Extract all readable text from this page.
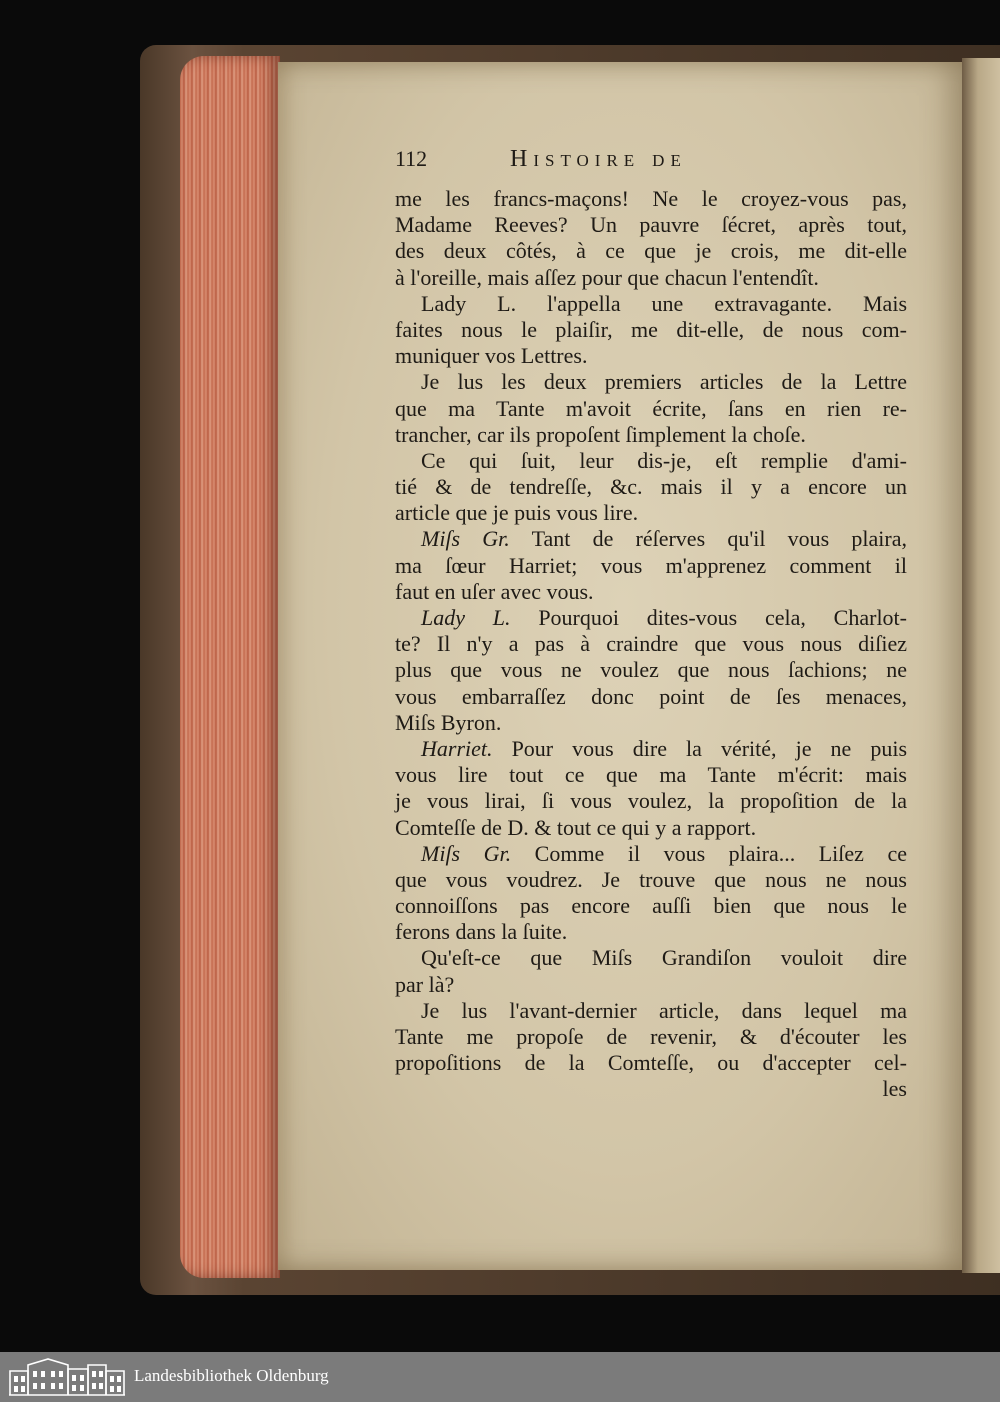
112	Histoire de
me les francs-maçons! Ne le croyez-vous pas,
Madame Reeves? Un pauvre ſécret, après tout,
des deux côtés, à ce que je crois, me dit-elle
à l'oreille, mais aſſez pour que chacun l'entendît.
Lady L. l'appella une extravagante. Mais
faites nous le plaiſir, me dit-elle, de nous com-
muniquer vos Lettres.
Je lus les deux premiers articles de la Lettre
que ma Tante m'avoit écrite, ſans en rien re-
trancher, car ils propoſent ſimplement la choſe.
Ce qui ſuit, leur dis-je, eſt remplie d'ami-
tié & de tendreſſe, &c. mais il y a encore un
article que je puis vous lire.
Miſs Gr. Tant de réſerves qu'il vous plaira,
ma ſœur Harriet; vous m'apprenez comment il
faut en uſer avec vous.
Lady L. Pourquoi dites-vous cela, Charlot-
te? Il n'y a pas à craindre que vous nous diſiez
plus que vous ne voulez que nous ſachions; ne
vous embarraſſez donc point de ſes menaces,
Miſs Byron.
Harriet. Pour vous dire la vérité, je ne puis
vous lire tout ce que ma Tante m'écrit: mais
je vous lirai, ſi vous voulez, la propoſition de la
Comteſſe de D. & tout ce qui y a rapport.
Miſs Gr. Comme il vous plaira... Liſez ce
que vous voudrez. Je trouve que nous ne nous
connoiſſons pas encore auſſi bien que nous le
ferons dans la ſuite.
Qu'eſt-ce que Miſs Grandiſon vouloit dire
par là?
Je lus l'avant-dernier article, dans lequel ma
Tante me propoſe de revenir, & d'écouter les
propoſitions de la Comteſſe, ou d'accepter cel-
les
Landesbibliothek Oldenburg
